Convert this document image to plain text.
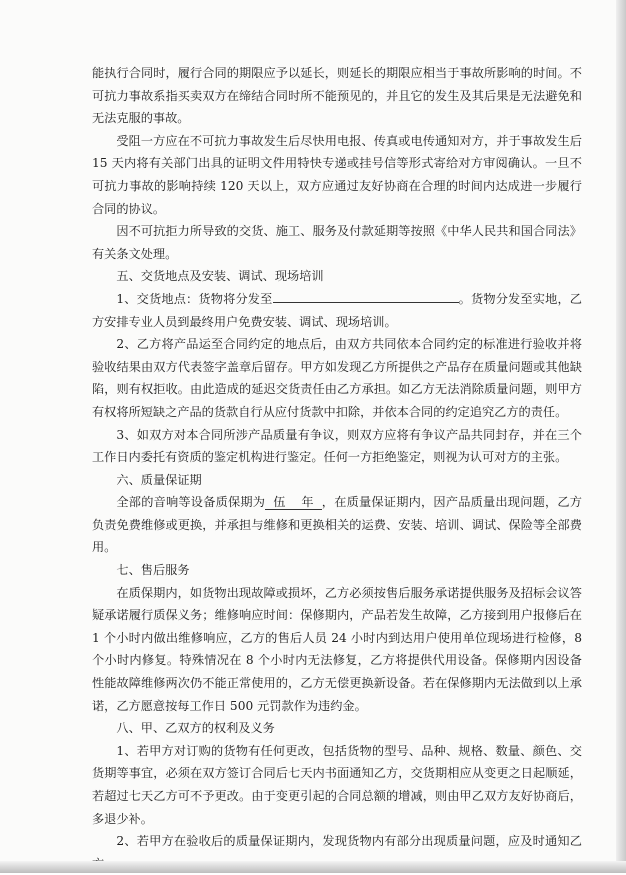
能执行合同时，履行合同的期限应予以延长，则延长的期限应相当于事故所影响的时间。不可抗力事故系指买卖双方在缔结合同时所不能预见的，并且它的发生及其后果是无法避免和无法克服的事故。

受阻一方应在不可抗力事故发生后尽快用电报、传真或电传通知对方，并于事故发生后 15 天内将有关部门出具的证明文件用特快专递或挂号信等形式寄给对方审阅确认。一旦不可抗力事故的影响持续 120 天以上，双方应通过友好协商在合理的时间内达成进一步履行合同的协议。

因不可抗拒力所导致的交货、施工、服务及付款延期等按照《中华人民共和国合同法》有关条文处理。

五、交货地点及安装、调试、现场培训

1、交货地点：货物将分发至	。货物分发至实地，乙方安排专业人员到最终用户免费安装、调试、现场培训。

2、乙方将产品运至合同约定的地点后，由双方共同依本合同约定的标准进行验收并将验收结果由双方代表签字盖章后留存。甲方如发现乙方所提供之产品存在质量问题或其他缺陷，则有权拒收。由此造成的延迟交货责任由乙方承担。如乙方无法消除质量问题，则甲方有权将所短缺之产品的货款自行从应付货款中扣除，并依本合同的约定追究乙方的责任。

3、如双方对本合同所涉产品质量有争议，则双方应将有争议产品共同封存，并在三个工作日内委托有资质的鉴定机构进行鉴定。任何一方拒绝鉴定，则视为认可对方的主张。

六、质量保证期

全部的音响等设备质保期为 伍 年 ，在质量保证期内，因产品质量出现问题，乙方负责免费维修或更换，并承担与维修和更换相关的运费、安装、培训、调试、保险等全部费用。

七、售后服务

在质保期内，如货物出现故障或损坏，乙方必须按售后服务承诺提供服务及招标会议答疑承诺履行质保义务；维修响应时间：保修期内，产品若发生故障，乙方接到用户报修后在 1 个小时内做出维修响应，乙方的售后人员 24 小时内到达用户使用单位现场进行检修，8 个小时内修复。特殊情况在 8 个小时内无法修复，乙方将提供代用设备。保修期内因设备性能故障维修两次仍不能正常使用的，乙方无偿更换新设备。若在保修期内无法做到以上承诺，乙方愿意按每工作日 500 元罚款作为违约金。

八、甲、乙双方的权利及义务

1、若甲方对订购的货物有任何更改，包括货物的型号、品种、规格、数量、颜色、交货期等事宜，必须在双方签订合同后七天内书面通知乙方，交货期相应从变更之日起顺延，若超过七天乙方可不予更改。由于变更引起的合同总额的增减，则由甲乙双方友好协商后，多退少补。

2、若甲方在验收后的质量保证期内，发现货物内有部分出现质量问题，应及时通知乙
